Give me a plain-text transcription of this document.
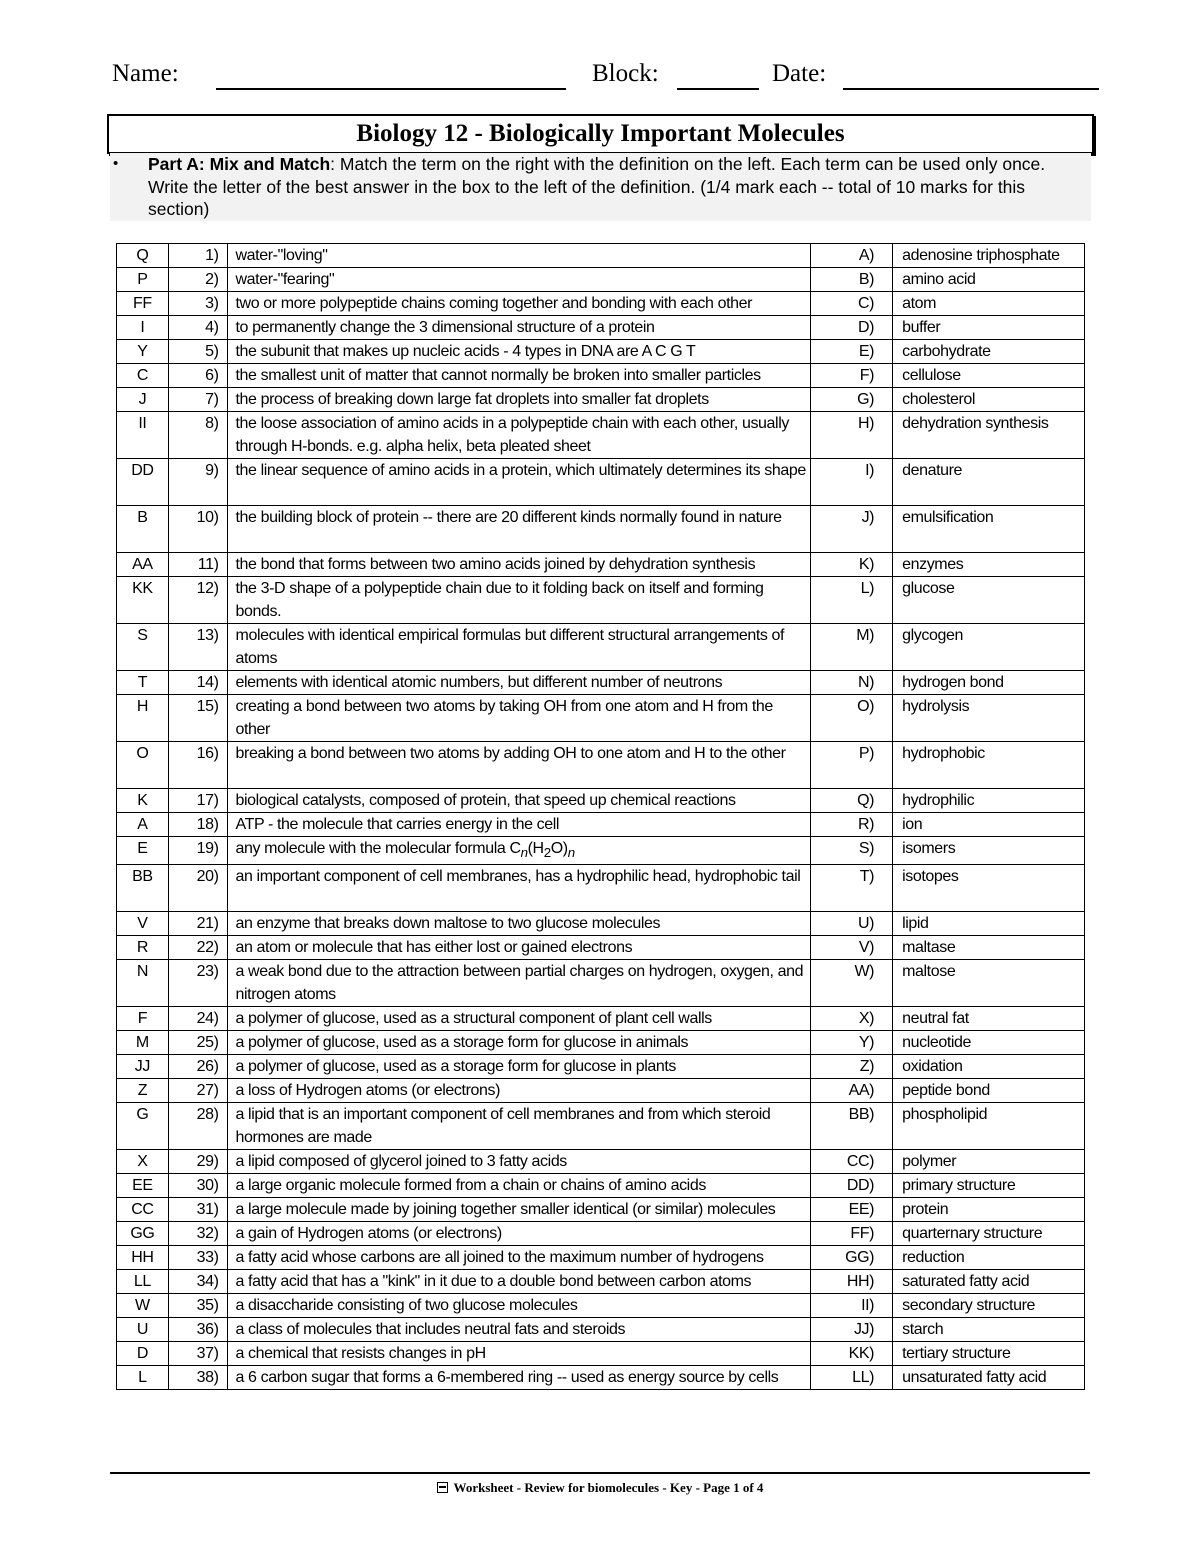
Name:	Block:	Date:
Biology 12 - Biologically Important Molecules
• Part A: Mix and Match: Match the term on the right with the definition on the left. Each term can be used only once. Write the letter of the best answer in the box to the left of the definition. (1/4 mark each -- total of 10 marks for this section)
Q	1)	water-"loving"	A)	adenosine triphosphate
P	2)	water-"fearing"	B)	amino acid
FF	3)	two or more polypeptide chains coming together and bonding with each other	C)	atom
I	4)	to permanently change the 3 dimensional structure of a protein	D)	buffer
Y	5)	the subunit that makes up nucleic acids - 4 types in DNA are A C G T	E)	carbohydrate
C	6)	the smallest unit of matter that cannot normally be broken into smaller particles	F)	cellulose
J	7)	the process of breaking down large fat droplets into smaller fat droplets	G)	cholesterol
II	8)	the loose association of amino acids in a polypeptide chain with each other, usually through H-bonds. e.g. alpha helix, beta pleated sheet	H)	dehydration synthesis
DD	9)	the linear sequence of amino acids in a protein, which ultimately determines its shape	I)	denature
B	10)	the building block of protein -- there are 20 different kinds normally found in nature	J)	emulsification
AA	11)	the bond that forms between two amino acids joined by dehydration synthesis	K)	enzymes
KK	12)	the 3-D shape of a polypeptide chain due to it folding back on itself and forming bonds.	L)	glucose
S	13)	molecules with identical empirical formulas but different structural arrangements of atoms	M)	glycogen
T	14)	elements with identical atomic numbers, but different number of neutrons	N)	hydrogen bond
H	15)	creating a bond between two atoms by taking OH from one atom and H from the other	O)	hydrolysis
O	16)	breaking a bond between two atoms by adding OH to one atom and H to the other	P)	hydrophobic
K	17)	biological catalysts, composed of protein, that speed up chemical reactions	Q)	hydrophilic
A	18)	ATP - the molecule that carries energy in the cell	R)	ion
E	19)	any molecule with the molecular formula $C_n(H_2O)_n$	S)	isomers
BB	20)	an important component of cell membranes, has a hydrophilic head, hydrophobic tail	T)	isotopes
V	21)	an enzyme that breaks down maltose to two glucose molecules	U)	lipid
R	22)	an atom or molecule that has either lost or gained electrons	V)	maltase
N	23)	a weak bond due to the attraction between partial charges on hydrogen, oxygen, and nitrogen atoms	W)	maltose
F	24)	a polymer of glucose, used as a structural component of plant cell walls	X)	neutral fat
M	25)	a polymer of glucose, used as a storage form for glucose in animals	Y)	nucleotide
JJ	26)	a polymer of glucose, used as a storage form for glucose in plants	Z)	oxidation
Z	27)	a loss of Hydrogen atoms (or electrons)	AA)	peptide bond
G	28)	a lipid that is an important component of cell membranes and from which steroid hormones are made	BB)	phospholipid
X	29)	a lipid composed of glycerol joined to 3 fatty acids	CC)	polymer
EE	30)	a large organic molecule formed from a chain or chains of amino acids	DD)	primary structure
CC	31)	a large molecule made by joining together smaller identical (or similar) molecules	EE)	protein
GG	32)	a gain of Hydrogen atoms (or electrons)	FF)	quarternary structure
HH	33)	a fatty acid whose carbons are all joined to the maximum number of hydrogens	GG)	reduction
LL	34)	a fatty acid that has a "kink" in it due to a double bond between carbon atoms	HH)	saturated fatty acid
W	35)	a disaccharide consisting of two glucose molecules	II)	secondary structure
U	36)	a class of molecules that includes neutral fats and steroids	JJ)	starch
D	37)	a chemical that resists changes in pH	KK)	tertiary structure
L	38)	a 6 carbon sugar that forms a 6-membered ring -- used as energy source by cells	LL)	unsaturated fatty acid
Worksheet - Review for biomolecules - Key - Page 1 of 4
